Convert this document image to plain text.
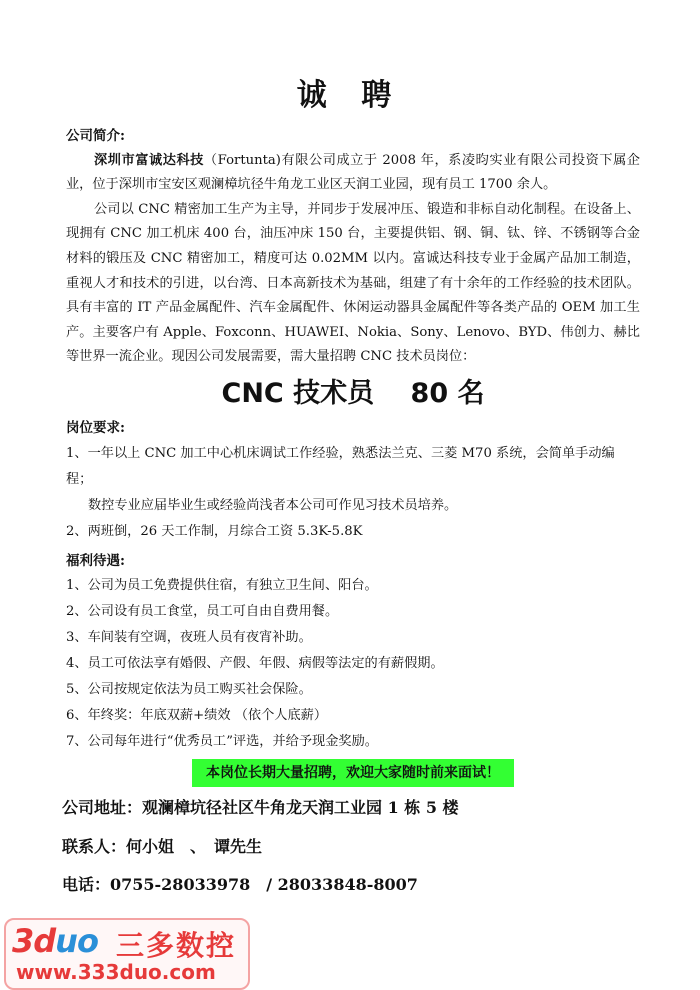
诚 聘
公司简介:

深圳市富诚达科技（Fortunta)有限公司成立于 2008 年，系凌昀实业有限公司投资下属企业，位于深圳市宝安区观澜樟坑径牛角龙工业区天润工业园，现有员工 1700 余人。

公司以 CNC 精密加工生产为主导，并同步于发展冲压、锻造和非标自动化制程。在设备上、现拥有 CNC 加工机床 400 台，油压冲床 150 台，主要提供铝、钢、铜、钛、锌、不锈钢等合金材料的锻压及 CNC 精密加工，精度可达 0.02MM 以内。富诚达科技专业于金属产品加工制造，重视人才和技术的引进，以台湾、日本高新技术为基础，组建了有十余年的工作经验的技术团队。具有丰富的 IT 产品金属配件、汽车金属配件、休闲运动器具金属配件等各类产品的 OEM 加工生产。主要客户有 Apple、Foxconn、HUAWEI、Nokia、Sony、Lenovo、BYD、伟创力、赫比等世界一流企业。现因公司发展需要，需大量招聘 CNC 技术员岗位：

CNC 技术员　 80 名
岗位要求:
1、一年以上 CNC 加工中心机床调试工作经验，熟悉法兰克、三菱 M70 系统，会简单手动编程；
数控专业应届毕业生或经验尚浅者本公司可作见习技术员培养。
2、两班倒，26 天工作制，月综合工资 5.3K-5.8K
福利待遇:
1、公司为员工免费提供住宿，有独立卫生间、阳台。
2、公司设有员工食堂，员工可自由自费用餐。
3、车间装有空调，夜班人员有夜宵补助。
4、员工可依法享有婚假、产假、年假、病假等法定的有薪假期。
5、公司按规定依法为员工购买社会保险。
6、年终奖：年底双薪+绩效 （依个人底薪）
7、公司每年进行“优秀员工”评选，并给予现金奖励。
本岗位长期大量招聘，欢迎大家随时前来面试！
公司地址：观澜樟坑径社区牛角龙天润工业园 1 栋 5 楼
联系人：何小姐　、　谭先生
电话：0755-28033978　/ 28033848-8007
3duo 三多数控
www.333duo.com
